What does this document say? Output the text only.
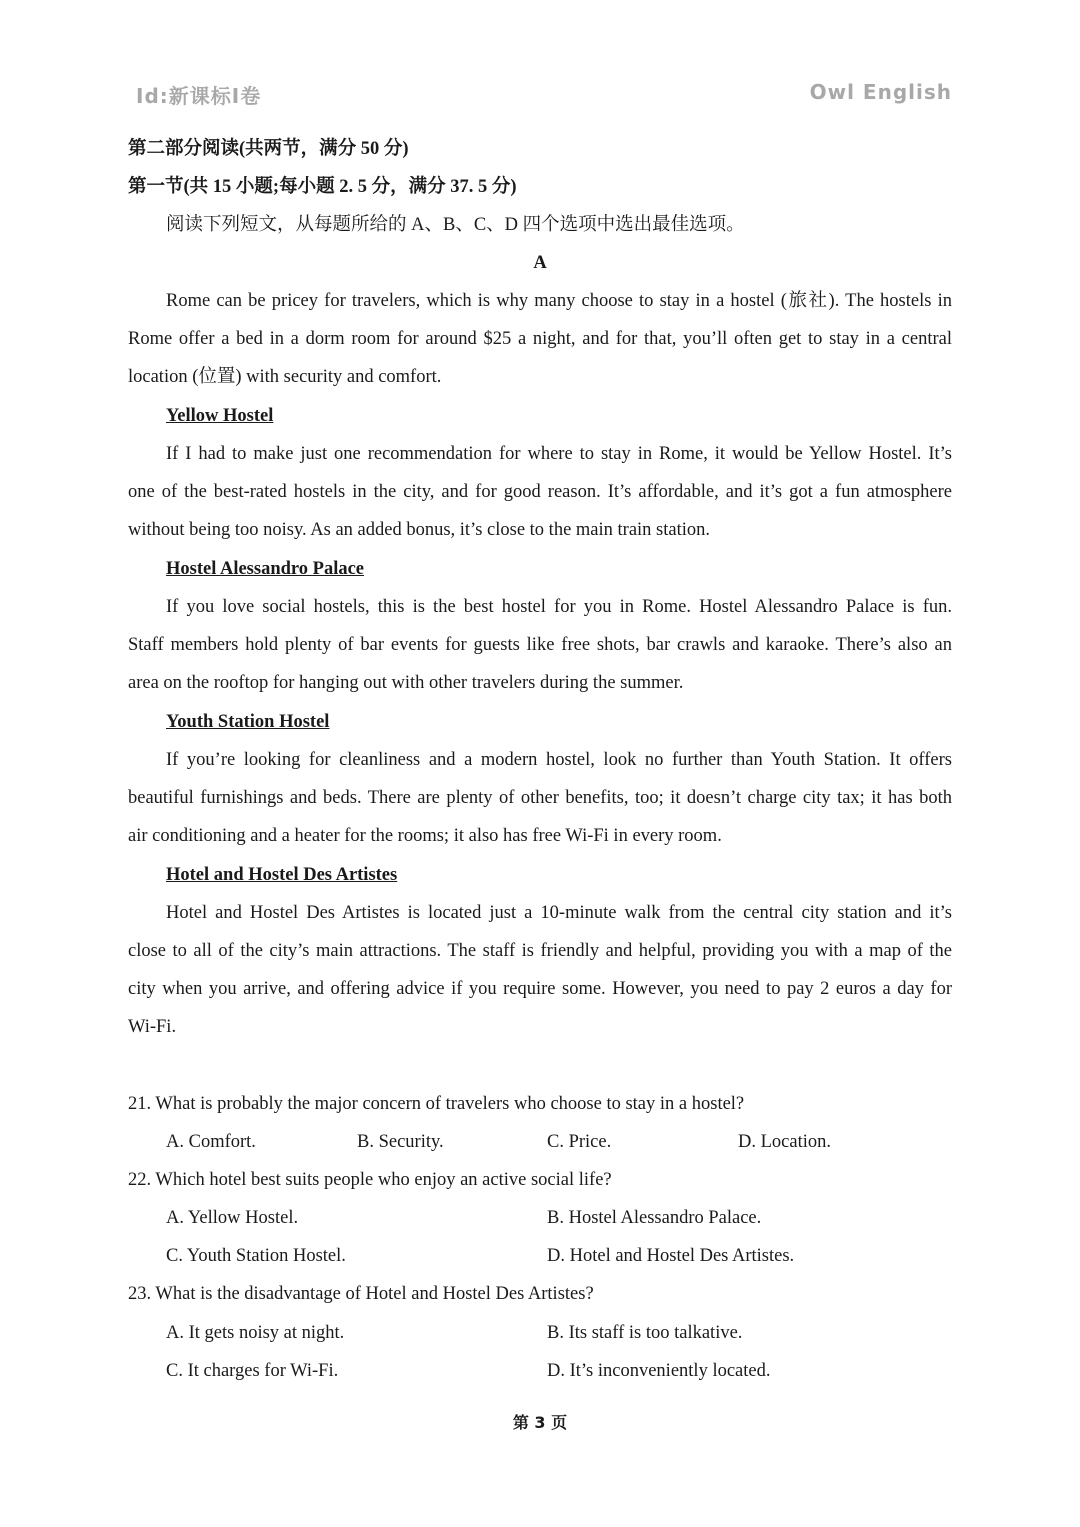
Id:新课标I卷	Owl English
第二部分阅读(共两节，满分 50 分)
第一节(共 15 小题;每小题 2. 5 分，满分 37. 5 分)
阅读下列短文，从每题所给的 A、B、C、D 四个选项中选出最佳选项。
A
Rome can be pricey for travelers, which is why many choose to stay in a hostel (旅社). The hostels in
Rome offer a bed in a dorm room for around $25 a night, and for that, you’ll often get to stay in a central
location (位置) with security and comfort.
Yellow Hostel
If I had to make just one recommendation for where to stay in Rome, it would be Yellow Hostel. It’s
one of the best-rated hostels in the city, and for good reason. It’s affordable, and it’s got a fun atmosphere
without being too noisy. As an added bonus, it’s close to the main train station.
Hostel Alessandro Palace
If you love social hostels, this is the best hostel for you in Rome. Hostel Alessandro Palace is fun.
Staff members hold plenty of bar events for guests like free shots, bar crawls and karaoke. There’s also an
area on the rooftop for hanging out with other travelers during the summer.
Youth Station Hostel
If you’re looking for cleanliness and a modern hostel, look no further than Youth Station. It offers
beautiful furnishings and beds. There are plenty of other benefits, too; it doesn’t charge city tax; it has both
air conditioning and a heater for the rooms; it also has free Wi-Fi in every room.
Hotel and Hostel Des Artistes
Hotel and Hostel Des Artistes is located just a 10-minute walk from the central city station and it’s
close to all of the city’s main attractions. The staff is friendly and helpful, providing you with a map of the
city when you arrive, and offering advice if you require some. However, you need to pay 2 euros a day for
Wi-Fi.
21. What is probably the major concern of travelers who choose to stay in a hostel?
A. Comfort.	B. Security.	C. Price.	D. Location.
22. Which hotel best suits people who enjoy an active social life?
A. Yellow Hostel.	B. Hostel Alessandro Palace.
C. Youth Station Hostel.	D. Hotel and Hostel Des Artistes.
23. What is the disadvantage of Hotel and Hostel Des Artistes?
A. It gets noisy at night.	B. Its staff is too talkative.
C. It charges for Wi-Fi.	D. It’s inconveniently located.
第 3 页
